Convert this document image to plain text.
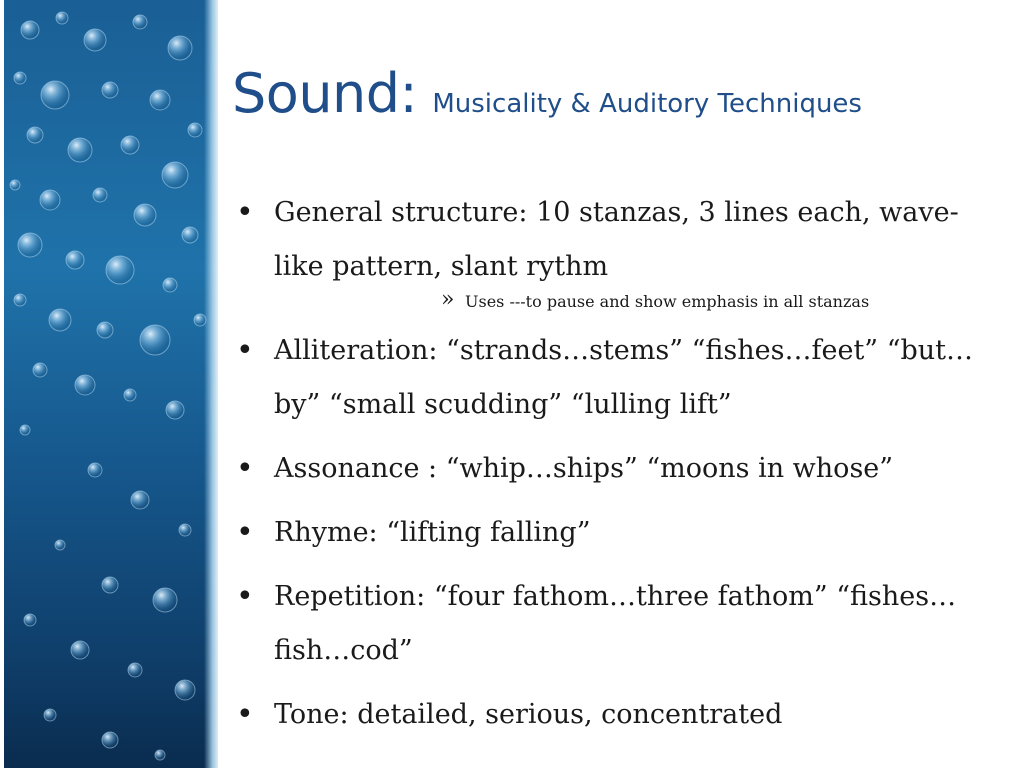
Sound: Musicality & Auditory Techniques
• General structure: 10 stanzas, 3 lines each, wave-like pattern, slant rythm
» Uses ---to pause and show emphasis in all stanzas
• Alliteration: “strands…stems” “fishes…feet” “but…by” “small scudding” “lulling lift”
• Assonance : “whip…ships” “moons in whose”
• Rhyme: “lifting falling”
• Repetition: “four fathom…three fathom” “fishes…fish…cod”
• Tone: detailed, serious, concentrated
